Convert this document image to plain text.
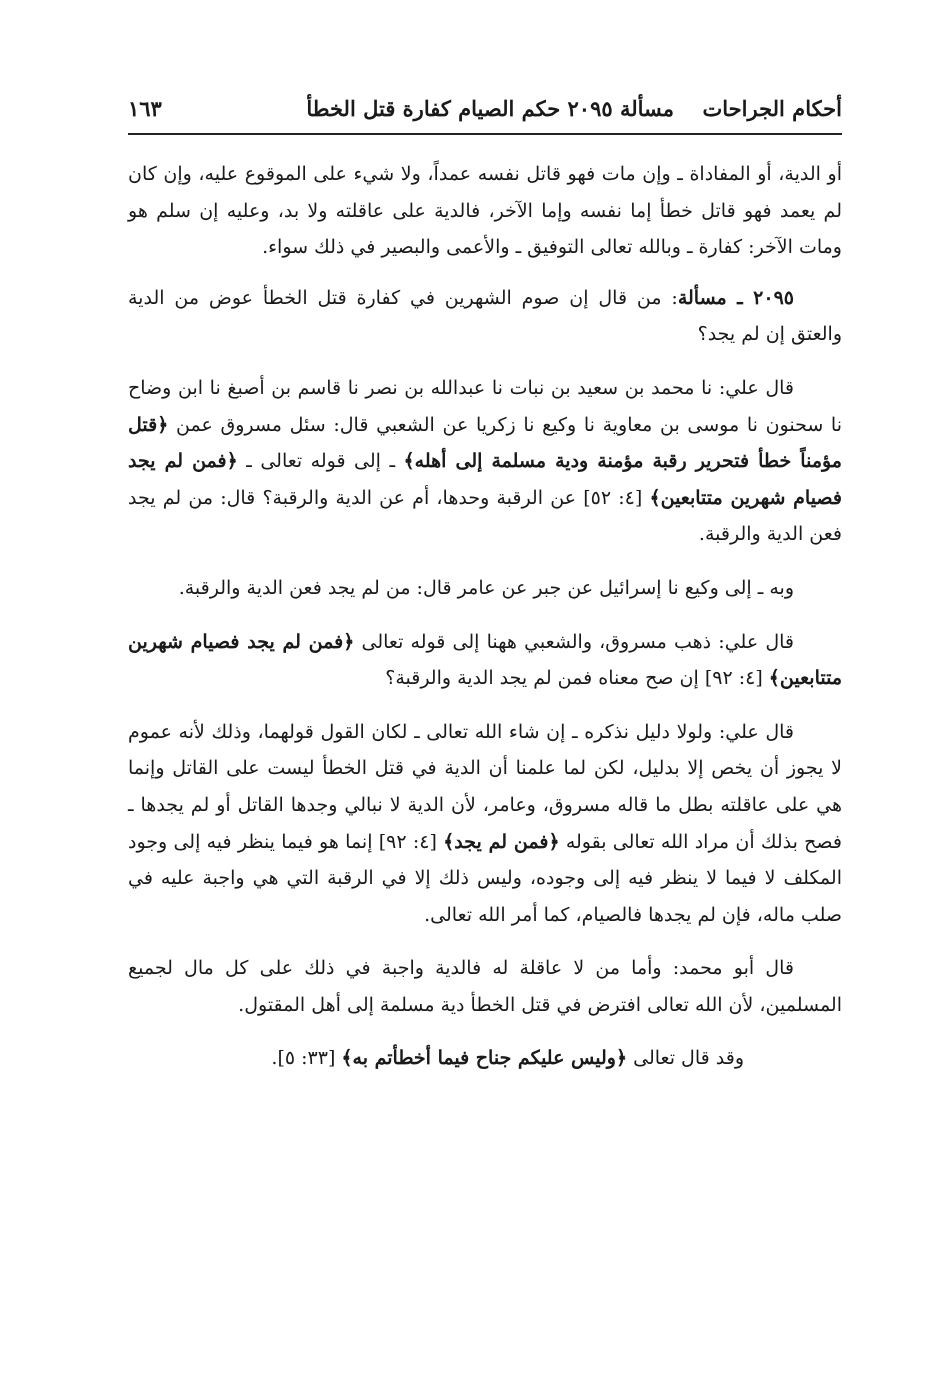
أحكام الجراحات
مسألة ٢٠٩٥ حكم الصيام كفارة قتل الخطأ
١٦٣

أو الدية، أو المفاداة ـ وإن مات فهو قاتل نفسه عمداً، ولا شيء على الموقوع عليه، وإن كان لم يعمد فهو قاتل خطأ إما نفسه وإما الآخر، فالدية على عاقلته ولا بد، وعليه إن سلم هو ومات الآخر: كفارة ـ وبالله تعالى التوفيق ـ والأعمى والبصير في ذلك سواء.

٢٠٩٥ ـ مسألة: من قال إن صوم الشهرين في كفارة قتل الخطأ عوض من الدية والعتق إن لم يجد؟

قال علي: نا محمد بن سعيد بن نبات نا عبدالله بن نصر نا قاسم بن أصبغ نا ابن وضاح نا سحنون نا موسى بن معاوية نا وكيع نا زكريا عن الشعبي قال: سئل مسروق عمن ﴿قتل مؤمناً خطأ فتحرير رقبة مؤمنة ودية مسلمة إلى أهله﴾ ـ إلى قوله تعالى ـ ﴿فمن لم يجد فصيام شهرين متتابعين﴾ [٤: ٥٢] عن الرقبة وحدها، أم عن الدية والرقبة؟ قال: من لم يجد فعن الدية والرقبة.

وبه ـ إلى وكيع نا إسرائيل عن جبر عن عامر قال: من لم يجد فعن الدية والرقبة.

قال علي: ذهب مسروق، والشعبي ههنا إلى قوله تعالى ﴿فمن لم يجد فصيام شهرين متتابعين﴾ [٤: ٩٢] إن صح معناه فمن لم يجد الدية والرقبة؟

قال علي: ولولا دليل نذكره ـ إن شاء الله تعالى ـ لكان القول قولهما، وذلك لأنه عموم لا يجوز أن يخص إلا بدليل، لكن لما علمنا أن الدية في قتل الخطأ ليست على القاتل وإنما هي على عاقلته بطل ما قاله مسروق، وعامر، لأن الدية لا نبالي وجدها القاتل أو لم يجدها ـ فصح بذلك أن مراد الله تعالى بقوله ﴿فمن لم يجد﴾ [٤: ٩٢] إنما هو فيما ينظر فيه إلى وجود المكلف لا فيما لا ينظر فيه إلى وجوده، وليس ذلك إلا في الرقبة التي هي واجبة عليه في صلب ماله، فإن لم يجدها فالصيام، كما أمر الله تعالى.

قال أبو محمد: وأما من لا عاقلة له فالدية واجبة في ذلك على كل مال لجميع المسلمين، لأن الله تعالى افترض في قتل الخطأ دية مسلمة إلى أهل المقتول.

وقد قال تعالى ﴿وليس عليكم جناح فيما أخطأتم به﴾ [٣٣: ٥].
